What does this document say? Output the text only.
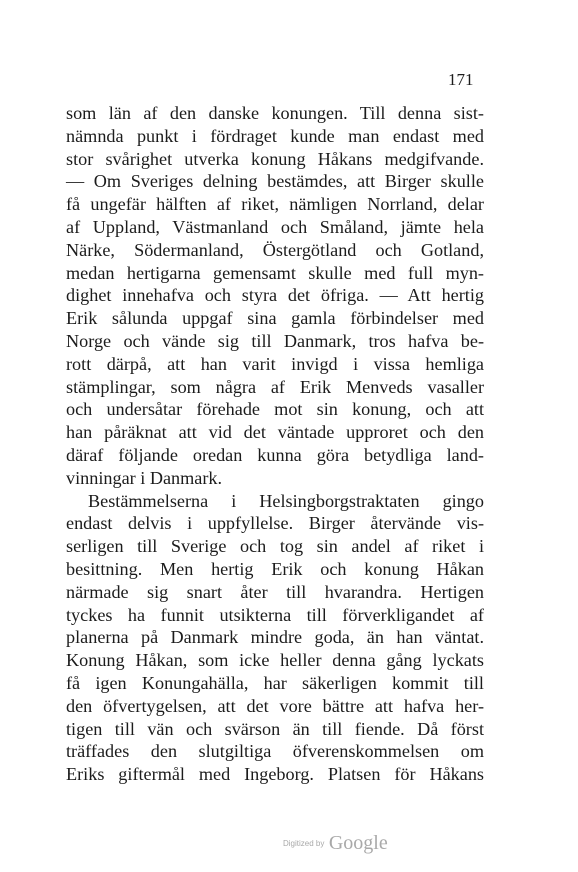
171
som län af den danske konungen. Till denna sist-
nämnda punkt i fördraget kunde man endast med
stor svårighet utverka konung Håkans medgifvande.
— Om Sveriges delning bestämdes, att Birger skulle
få ungefär hälften af riket, nämligen Norrland, delar
af Uppland, Västmanland och Småland, jämte hela
Närke, Södermanland, Östergötland och Gotland,
medan hertigarna gemensamt skulle med full myn-
dighet innehafva och styra det öfriga. — Att hertig
Erik sålunda uppgaf sina gamla förbindelser med
Norge och vände sig till Danmark, tros hafva be-
rott därpå, att han varit invigd i vissa hemliga
stämplingar, som några af Erik Menveds vasaller
och undersåtar förehade mot sin konung, och att
han påräknat att vid det väntade upproret och den
däraf följande oredan kunna göra betydliga land-
vinningar i Danmark.
Bestämmelserna i Helsingborgstraktaten gingo
endast delvis i uppfyllelse. Birger återvände vis-
serligen till Sverige och tog sin andel af riket i
besittning. Men hertig Erik och konung Håkan
närmade sig snart åter till hvarandra. Hertigen
tyckes ha funnit utsikterna till förverkligandet af
planerna på Danmark mindre goda, än han väntat.
Konung Håkan, som icke heller denna gång lyckats
få igen Konungahälla, har säkerligen kommit till
den öfvertygelsen, att det vore bättre att hafva her-
tigen till vän och svärson än till fiende. Då först
träffades den slutgiltiga öfverenskommelsen om
Eriks giftermål med Ingeborg. Platsen för Håkans
Digitized by Google
